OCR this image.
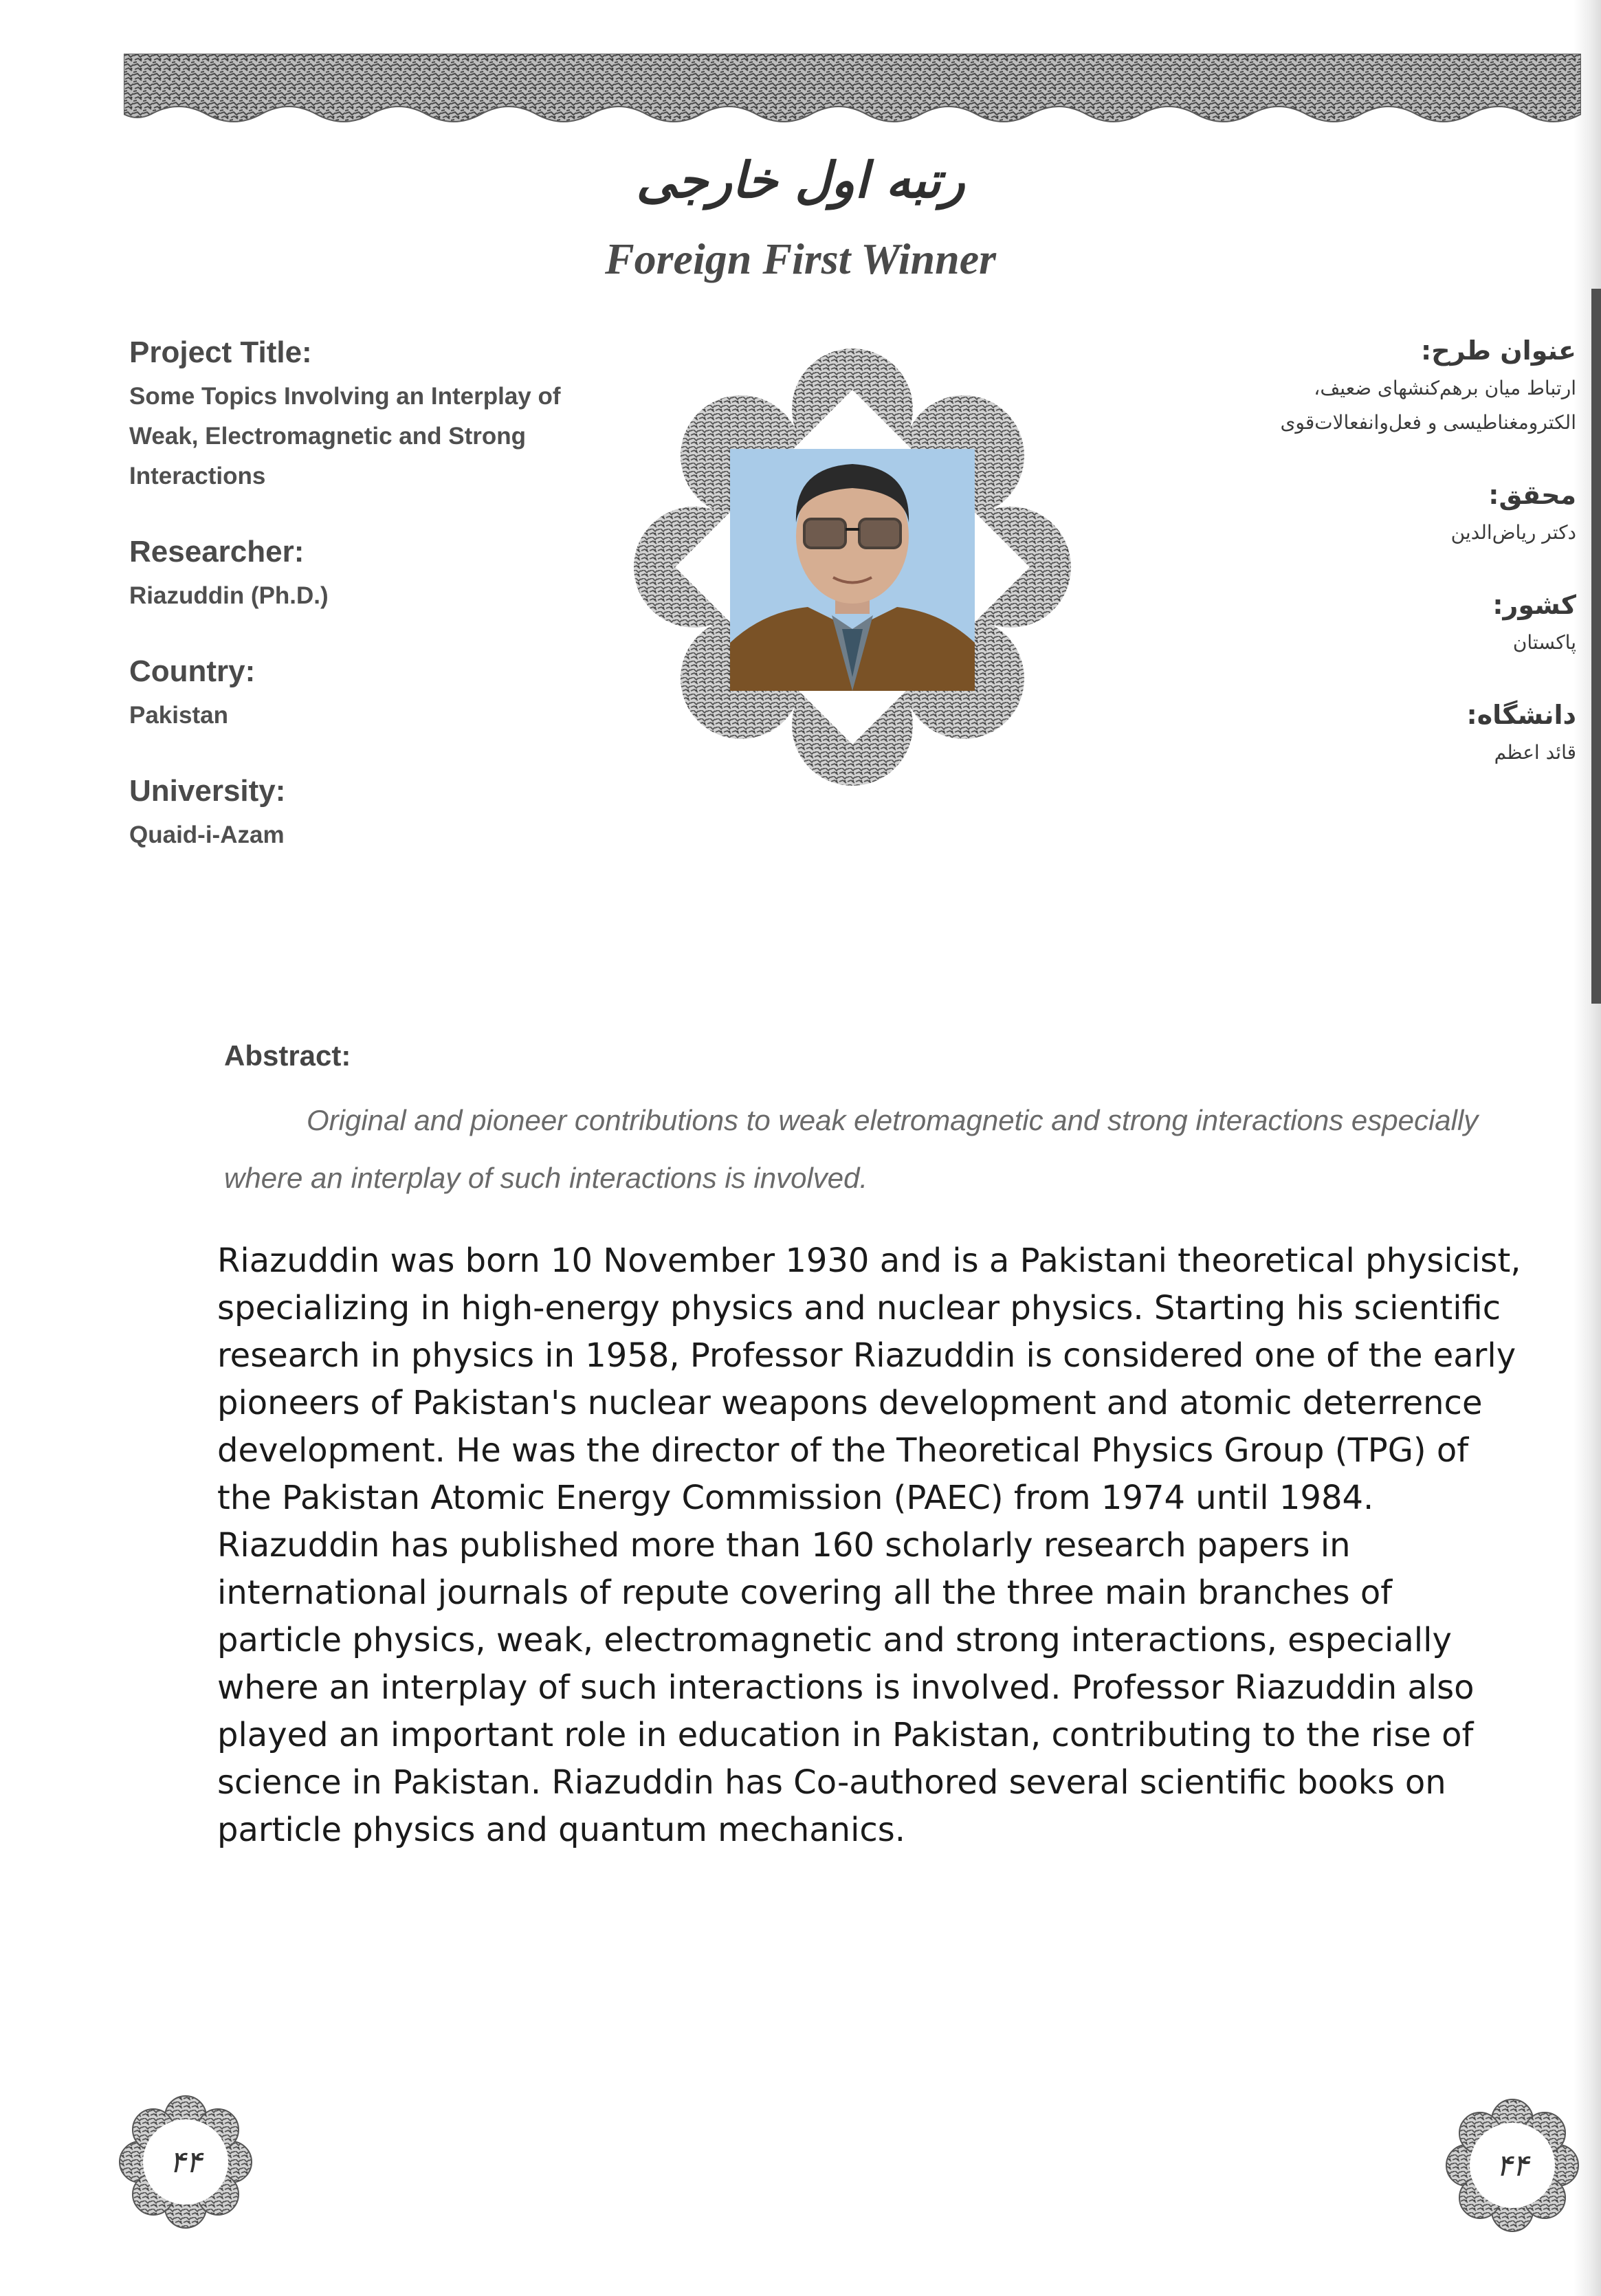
رتبه اول خارجی
Foreign First Winner
Project Title:
Some Topics Involving an Interplay of Weak, Electromagnetic and Strong Interactions
Researcher:
Riazuddin (Ph.D.)
Country:
Pakistan
University:
Quaid-i-Azam
عنوان طرح:
ارتباط میان برهم‌کنشهای ضعیف،
الکترومغناطیسی و فعل‌وانفعالات‌قوی
محقق:
دکتر ریاض‌الدین
کشور:
پاکستان
دانشگاه:
قائد اعظم
Abstract:
Original and pioneer contributions to weak eletromagnetic and strong interactions especially where an interplay of such interactions is involved.
Riazuddin was born 10 November 1930 and is a Pakistani theoretical physicist, specializing in high-energy physics and nuclear physics. Starting his scientific research in physics in 1958, Professor Riazuddin is considered one of the early pioneers of Pakistan's nuclear weapons development and atomic deterrence development. He was the director of the Theoretical Physics Group (TPG) of the Pakistan Atomic Energy Commission (PAEC) from 1974 until 1984. Riazuddin has published more than 160 scholarly research papers in international journals of repute covering all the three main branches of particle physics, weak, electromagnetic and strong interactions, especially where an interplay of such interactions is involved. Professor Riazuddin also played an important role in education in Pakistan, contributing to the rise of science in Pakistan. Riazuddin has Co-authored several scientific books on particle physics and quantum mechanics.
۴۴	۴۴
